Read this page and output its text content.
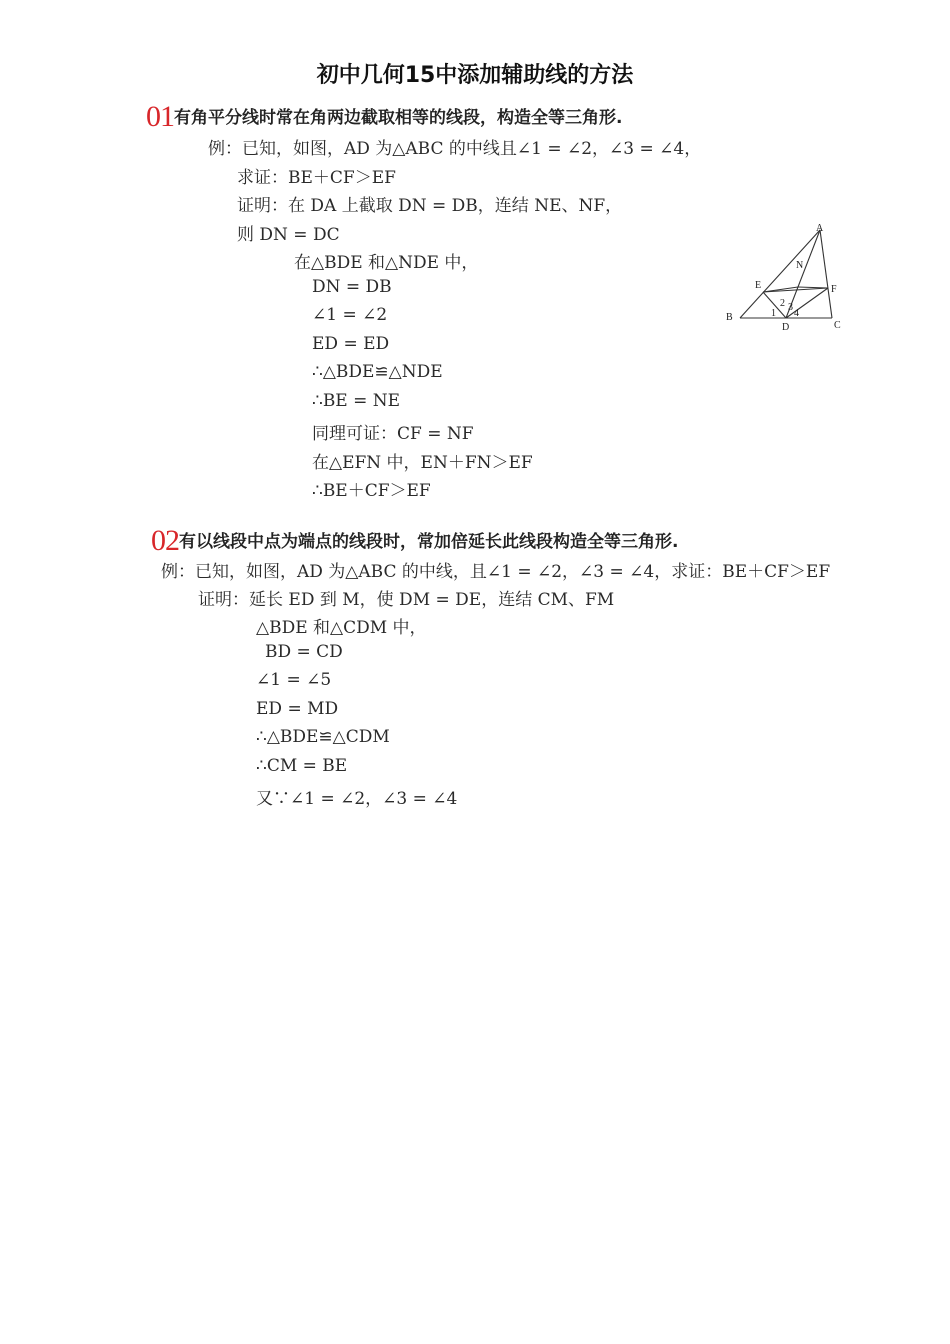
初中几何15中添加辅助线的方法
01有角平分线时常在角两边截取相等的线段，构造全等三角形.
例：已知，如图，AD 为△ABC 的中线且∠1 = ∠2，∠3 = ∠4，
求证：BE＋CF＞EF
证明：在 DA 上截取 DN = DB，连结 NE、NF，
则 DN = DC
在△BDE 和△NDE 中，
DN = DB
∠1 = ∠2
ED = ED
∴△BDE≌△NDE
∴BE = NE
同理可证：CF = NF
在△EFN 中，EN＋FN＞EF
∴BE＋CF＞EF
A
B
C
D
E	F
N
1
2 3
4
02有以线段中点为端点的线段时，常加倍延长此线段构造全等三角形.
例：已知，如图，AD 为△ABC 的中线，且∠1 = ∠2，∠3 = ∠4，求证：BE＋CF＞EF
证明：延长 ED 到 M，使 DM = DE，连结 CM、FM
△BDE 和△CDM 中，
BD = CD
∠1 = ∠5
ED = MD
∴△BDE≌△CDM
∴CM = BE
又∵∠1 = ∠2，∠3 = ∠4
